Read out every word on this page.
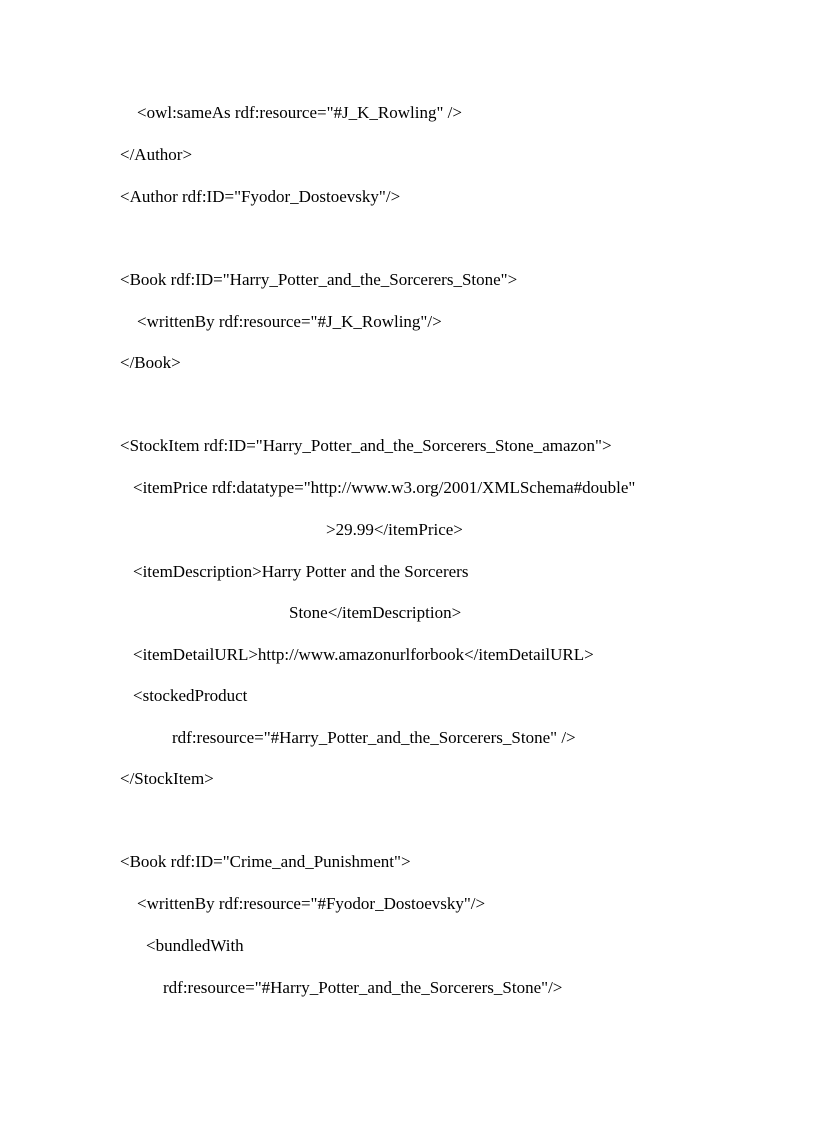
<owl:sameAs rdf:resource="#J_K_Rowling" />

</Author>

<Author rdf:ID="Fyodor_Dostoevsky"/>

<Book rdf:ID="Harry_Potter_and_the_Sorcerers_Stone">

<writtenBy rdf:resource="#J_K_Rowling"/>

</Book>

<StockItem rdf:ID="Harry_Potter_and_the_Sorcerers_Stone_amazon">

<itemPrice rdf:datatype="http://www.w3.org/2001/XMLSchema#double"

>29.99</itemPrice>

<itemDescription>Harry Potter and the Sorcerers

Stone</itemDescription>

<itemDetailURL>http://www.amazonurlforbook</itemDetailURL>

<stockedProduct

rdf:resource="#Harry_Potter_and_the_Sorcerers_Stone" />

</StockItem>

<Book rdf:ID="Crime_and_Punishment">

<writtenBy rdf:resource="#Fyodor_Dostoevsky"/>

<bundledWith

rdf:resource="#Harry_Potter_and_the_Sorcerers_Stone"/>
